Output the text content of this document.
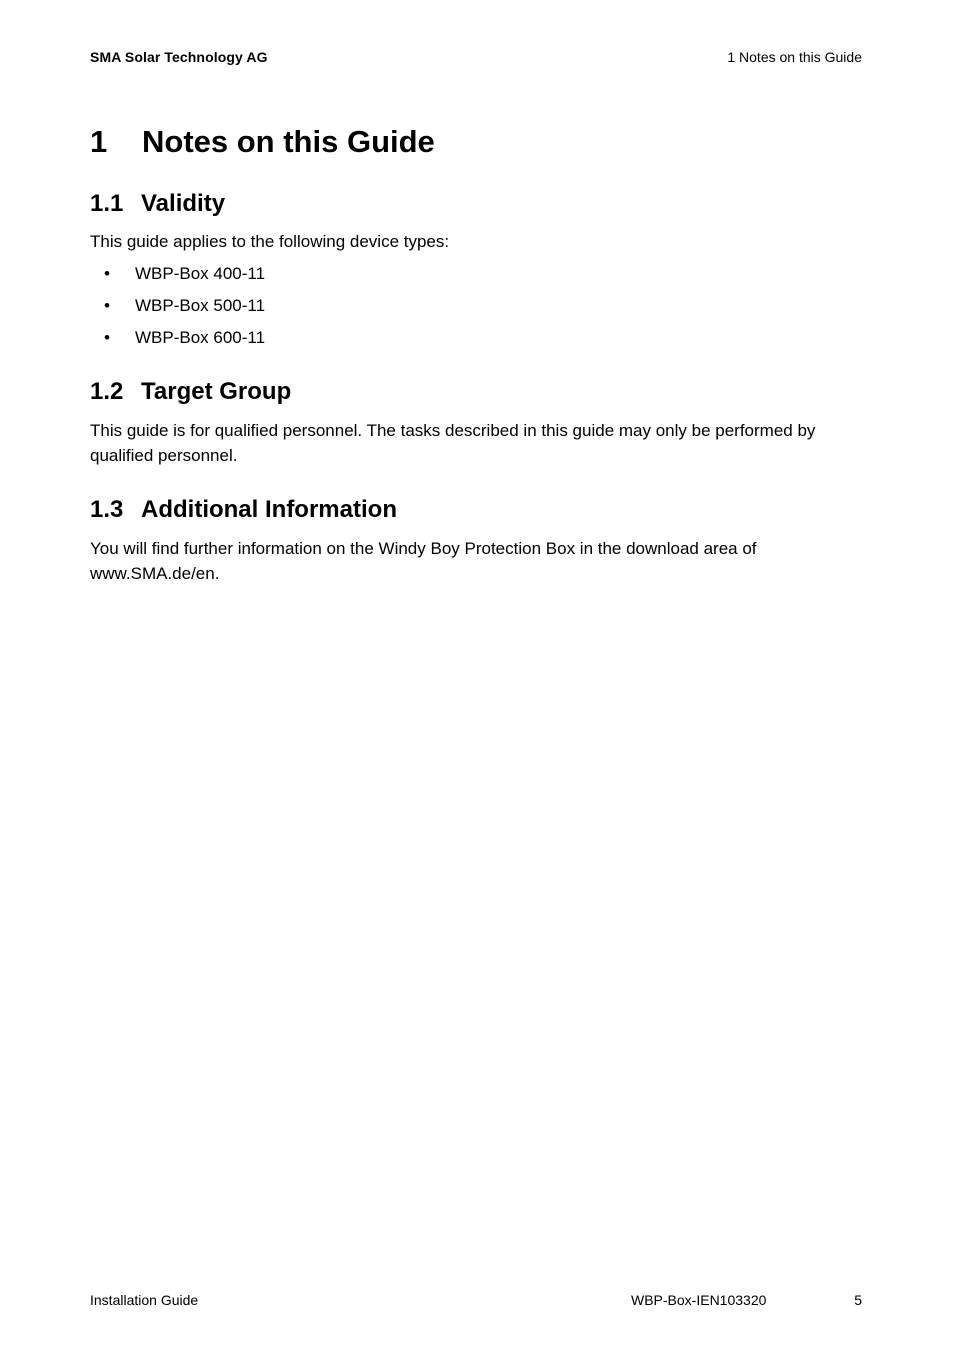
SMA Solar Technology AG	1 Notes on this Guide
1 Notes on this Guide
1.1 Validity

This guide applies to the following device types:

• WBP-Box 400-11
• WBP-Box 500-11
• WBP-Box 600-11
1.2 Target Group

This guide is for qualified personnel. The tasks described in this guide may only be performed by qualified personnel.

1.3 Additional Information

You will find further information on the Windy Boy Protection Box in the download area of www.SMA.de/en.

Installation Guide	WBP-Box-IEN103320	5
